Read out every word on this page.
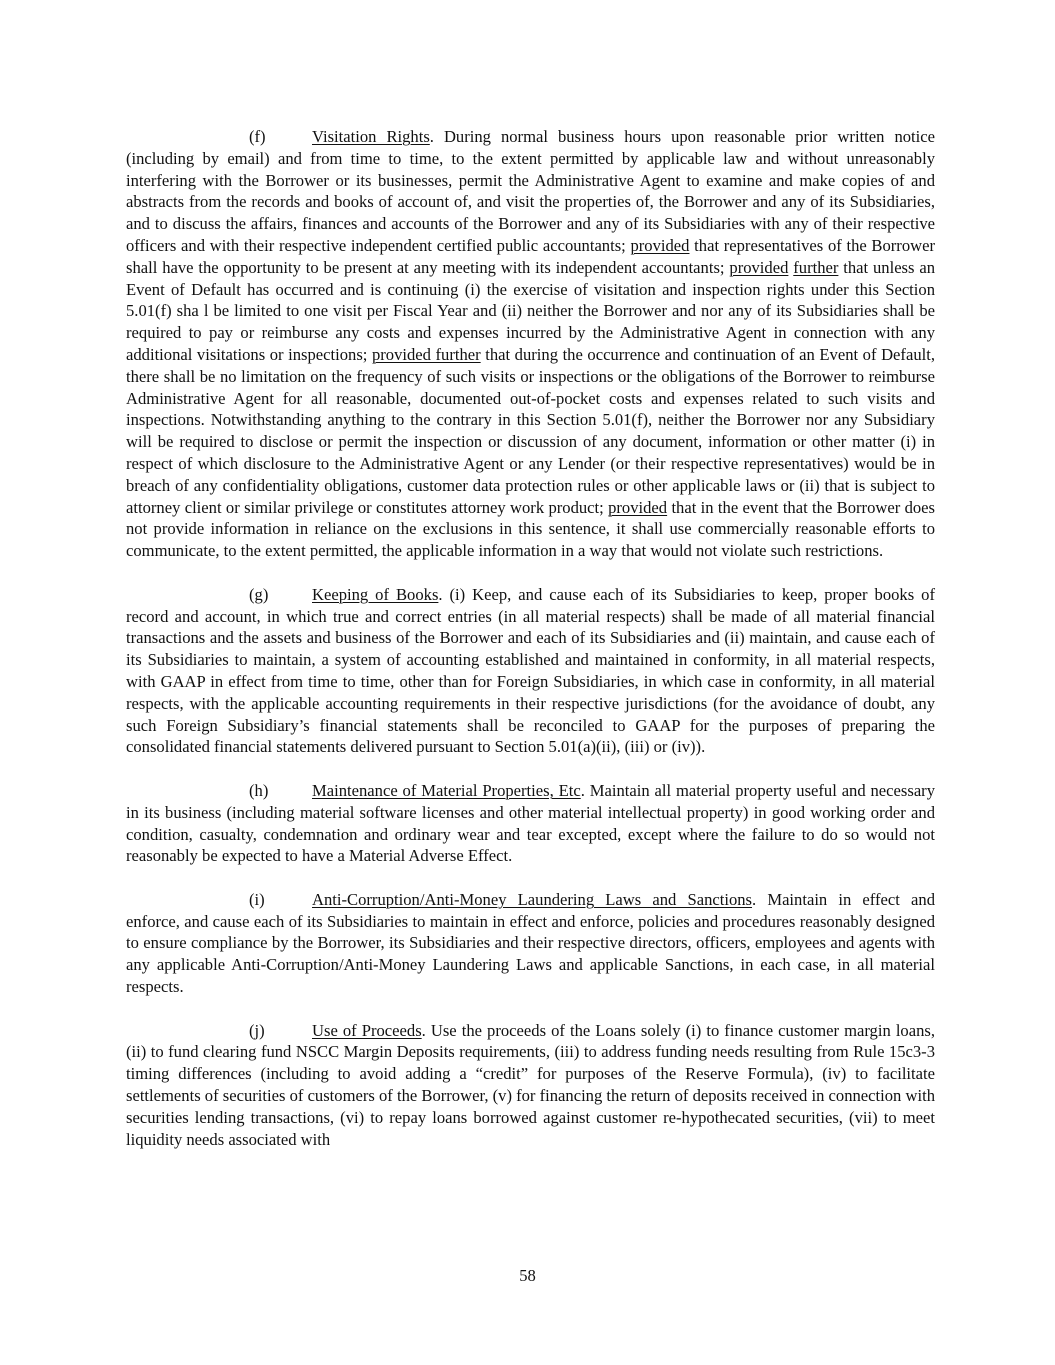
(f)	Visitation Rights. During normal business hours upon reasonable prior written notice (including by email) and from time to time, to the extent permitted by applicable law and without unreasonably interfering with the Borrower or its businesses, permit the Administrative Agent to examine and make copies of and abstracts from the records and books of account of, and visit the properties of, the Borrower and any of its Subsidiaries, and to discuss the affairs, finances and accounts of the Borrower and any of its Subsidiaries with any of their respective officers and with their respective independent certified public accountants; provided that representatives of the Borrower shall have the opportunity to be present at any meeting with its independent accountants; provided further that unless an Event of Default has occurred and is continuing (i) the exercise of visitation and inspection rights under this Section 5.01(f) sha l be limited to one visit per Fiscal Year and (ii) neither the Borrower and nor any of its Subsidiaries shall be required to pay or reimburse any costs and expenses incurred by the Administrative Agent in connection with any additional visitations or inspections; provided further that during the occurrence and continuation of an Event of Default, there shall be no limitation on the frequency of such visits or inspections or the obligations of the Borrower to reimburse Administrative Agent for all reasonable, documented out-of-pocket costs and expenses related to such visits and inspections. Notwithstanding anything to the contrary in this Section 5.01(f), neither the Borrower nor any Subsidiary will be required to disclose or permit the inspection or discussion of any document, information or other matter (i) in respect of which disclosure to the Administrative Agent or any Lender (or their respective representatives) would be in breach of any confidentiality obligations, customer data protection rules or other applicable laws or (ii) that is subject to attorney client or similar privilege or constitutes attorney work product; provided that in the event that the Borrower does not provide information in reliance on the exclusions in this sentence, it shall use commercially reasonable efforts to communicate, to the extent permitted, the applicable information in a way that would not violate such restrictions.

(g)	Keeping of Books. (i) Keep, and cause each of its Subsidiaries to keep, proper books of record and account, in which true and correct entries (in all material respects) shall be made of all material financial transactions and the assets and business of the Borrower and each of its Subsidiaries and (ii) maintain, and cause each of its Subsidiaries to maintain, a system of accounting established and maintained in conformity, in all material respects, with GAAP in effect from time to time, other than for Foreign Subsidiaries, in which case in conformity, in all material respects, with the applicable accounting requirements in their respective jurisdictions (for the avoidance of doubt, any such Foreign Subsidiary’s financial statements shall be reconciled to GAAP for the purposes of preparing the consolidated financial statements delivered pursuant to Section 5.01(a)(ii), (iii) or (iv)).

(h)	Maintenance of Material Properties, Etc. Maintain all material property useful and necessary in its business (including material software licenses and other material intellectual property) in good working order and condition, casualty, condemnation and ordinary wear and tear excepted, except where the failure to do so would not reasonably be expected to have a Material Adverse Effect.

(i)	Anti-Corruption/Anti-Money Laundering Laws and Sanctions. Maintain in effect and enforce, and cause each of its Subsidiaries to maintain in effect and enforce, policies and procedures reasonably designed to ensure compliance by the Borrower, its Subsidiaries and their respective directors, officers, employees and agents with any applicable Anti-Corruption/Anti-Money Laundering Laws and applicable Sanctions, in each case, in all material respects.

(j)	Use of Proceeds. Use the proceeds of the Loans solely (i) to finance customer margin loans, (ii) to fund clearing fund NSCC Margin Deposits requirements, (iii) to address funding needs resulting from Rule 15c3-3 timing differences (including to avoid adding a “credit” for purposes of the Reserve Formula), (iv) to facilitate settlements of securities of customers of the Borrower, (v) for financing the return of deposits received in connection with securities lending transactions, (vi) to repay loans borrowed against customer re-hypothecated securities, (vii) to meet liquidity needs associated with

58
